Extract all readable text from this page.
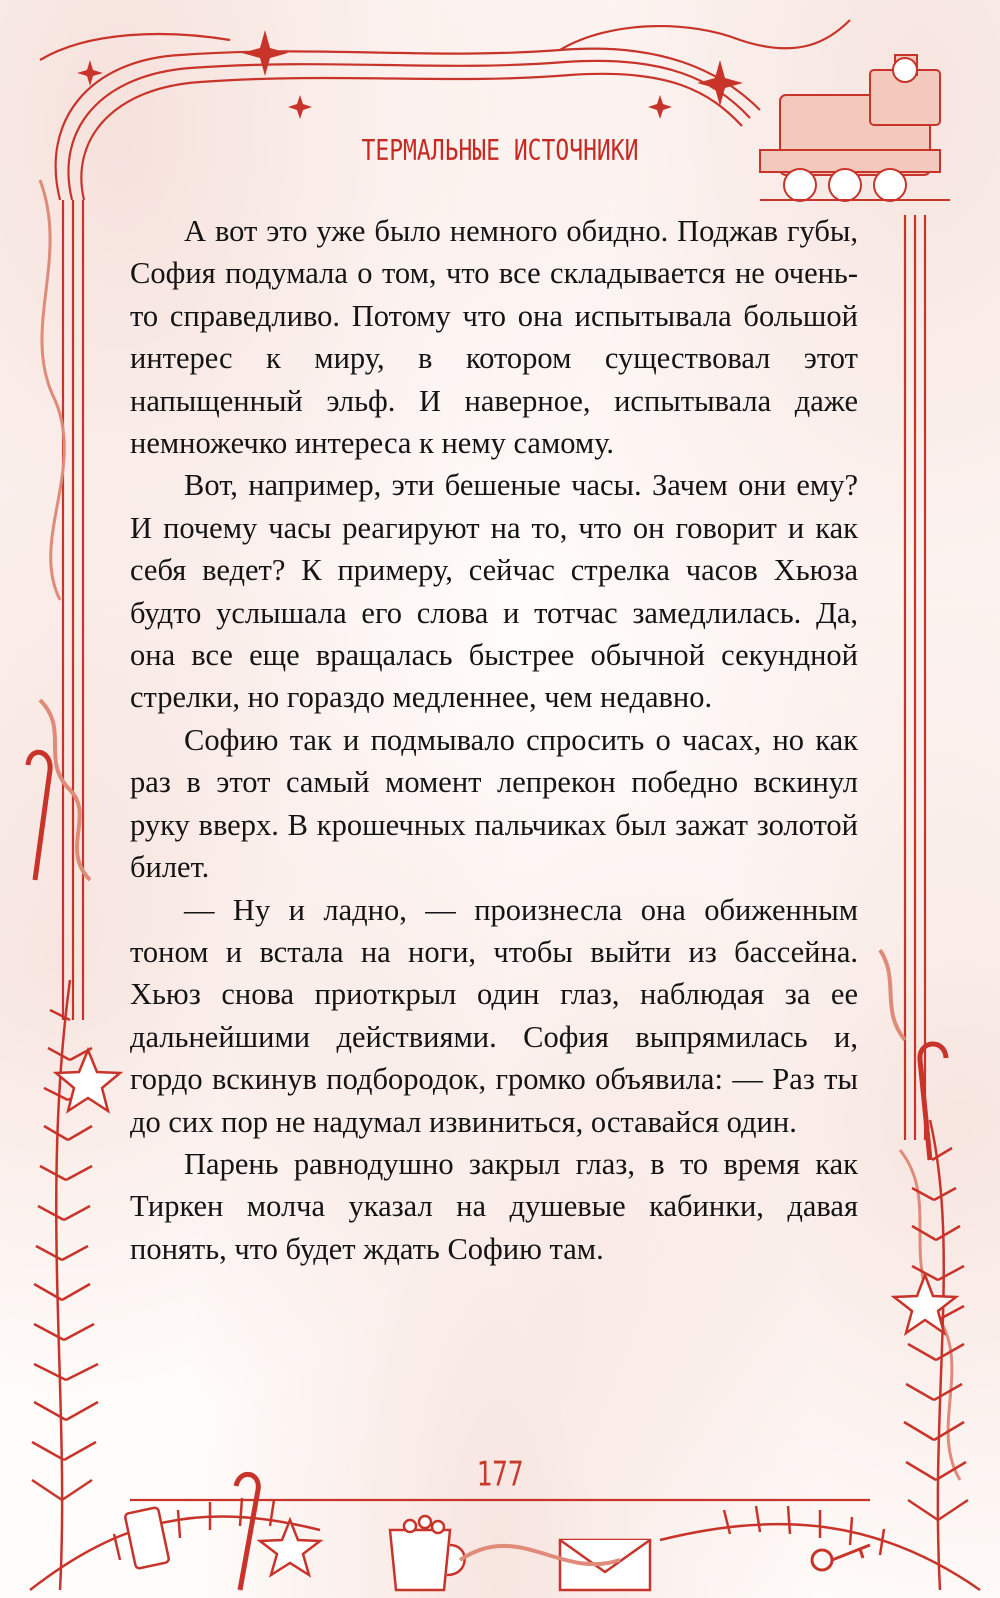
ТЕРМАЛЬНЫЕ ИСТОЧНИКИ

А вот это уже было немного обидно. Поджав губы, София подумала о том, что все складывается не очень-то справедливо. Потому что она испытывала большой интерес к миру, в котором существовал этот напыщенный эльф. И наверное, испытывала даже немножечко интереса к нему самому.

Вот, например, эти бешеные часы. Зачем они ему? И почему часы реагируют на то, что он говорит и как себя ведет? К примеру, сейчас стрелка часов Хьюза будто услышала его слова и тотчас замедлилась. Да, она все еще вращалась быстрее обычной секундной стрелки, но гораздо медленнее, чем недавно.

Софию так и подмывало спросить о часах, но как раз в этот самый момент лепрекон победно вскинул руку вверх. В крошечных пальчиках был зажат золотой билет.

— Ну и ладно, — произнесла она обиженным тоном и встала на ноги, чтобы выйти из бассейна. Хьюз снова приоткрыл один глаз, наблюдая за ее дальнейшими действиями. София выпрямилась и, гордо вскинув подбородок, громко объявила: — Раз ты до сих пор не надумал извиниться, оставайся один.

Парень равнодушно закрыл глаз, в то время как Тиркен молча указал на душевые кабинки, давая понять, что будет ждать Софию там.

177
